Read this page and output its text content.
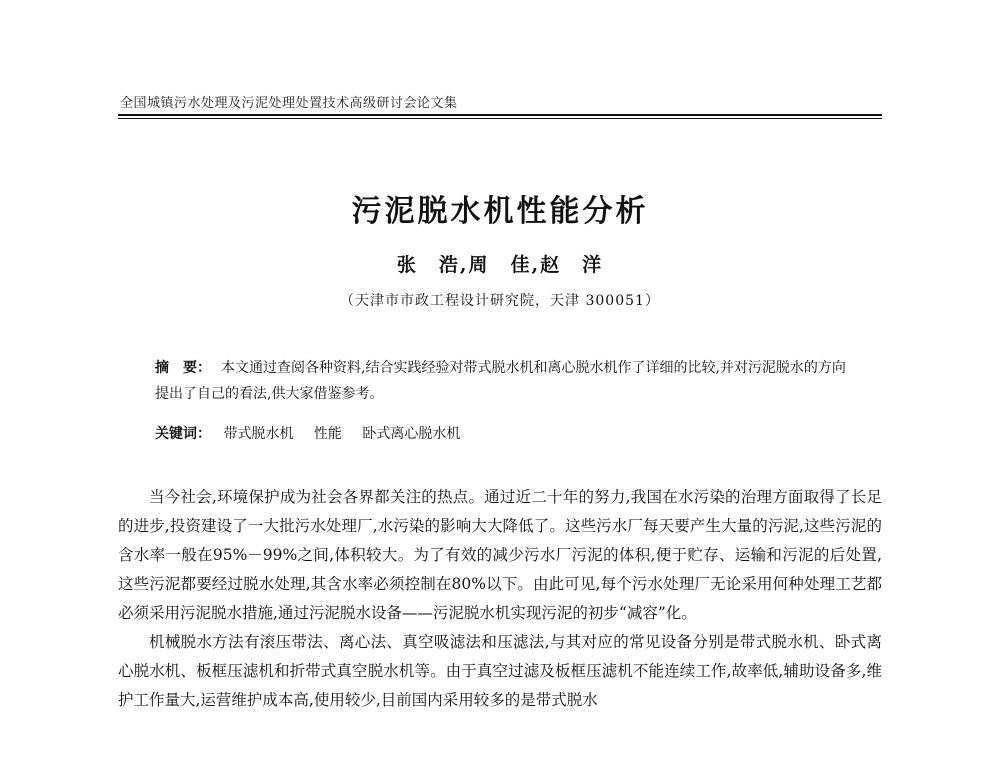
全国城镇污水处理及污泥处理处置技术高级研讨会论文集
污泥脱水机性能分析
张　浩,周　佳,赵　洋
（天津市市政工程设计研究院，天津 300051）
摘　要： 本文通过查阅各种资料,结合实践经验对带式脱水机和离心脱水机作了详细的比较,并对污泥脱水的方向提出了自己的看法,供大家借鉴参考。
关键词： 带式脱水机 性能 卧式离心脱水机

当今社会,环境保护成为社会各界都关注的热点。通过近二十年的努力,我国在水污染的治理方面取得了长足的进步,投资建设了一大批污水处理厂,水污染的影响大大降低了。这些污水厂每天要产生大量的污泥,这些污泥的含水率一般在95%－99%之间,体积较大。为了有效的减少污水厂污泥的体积,便于贮存、运输和污泥的后处置,这些污泥都要经过脱水处理,其含水率必须控制在80%以下。由此可见,每个污水处理厂无论采用何种处理工艺都必须采用污泥脱水措施,通过污泥脱水设备——污泥脱水机实现污泥的初步“减容”化。

机械脱水方法有滚压带法、离心法、真空吸滤法和压滤法,与其对应的常见设备分别是带式脱水机、卧式离心脱水机、板框压滤机和折带式真空脱水机等。由于真空过滤及板框压滤机不能连续工作,故率低,辅助设备多,维护工作量大,运营维护成本高,使用较少,目前国内采用较多的是带式脱水
